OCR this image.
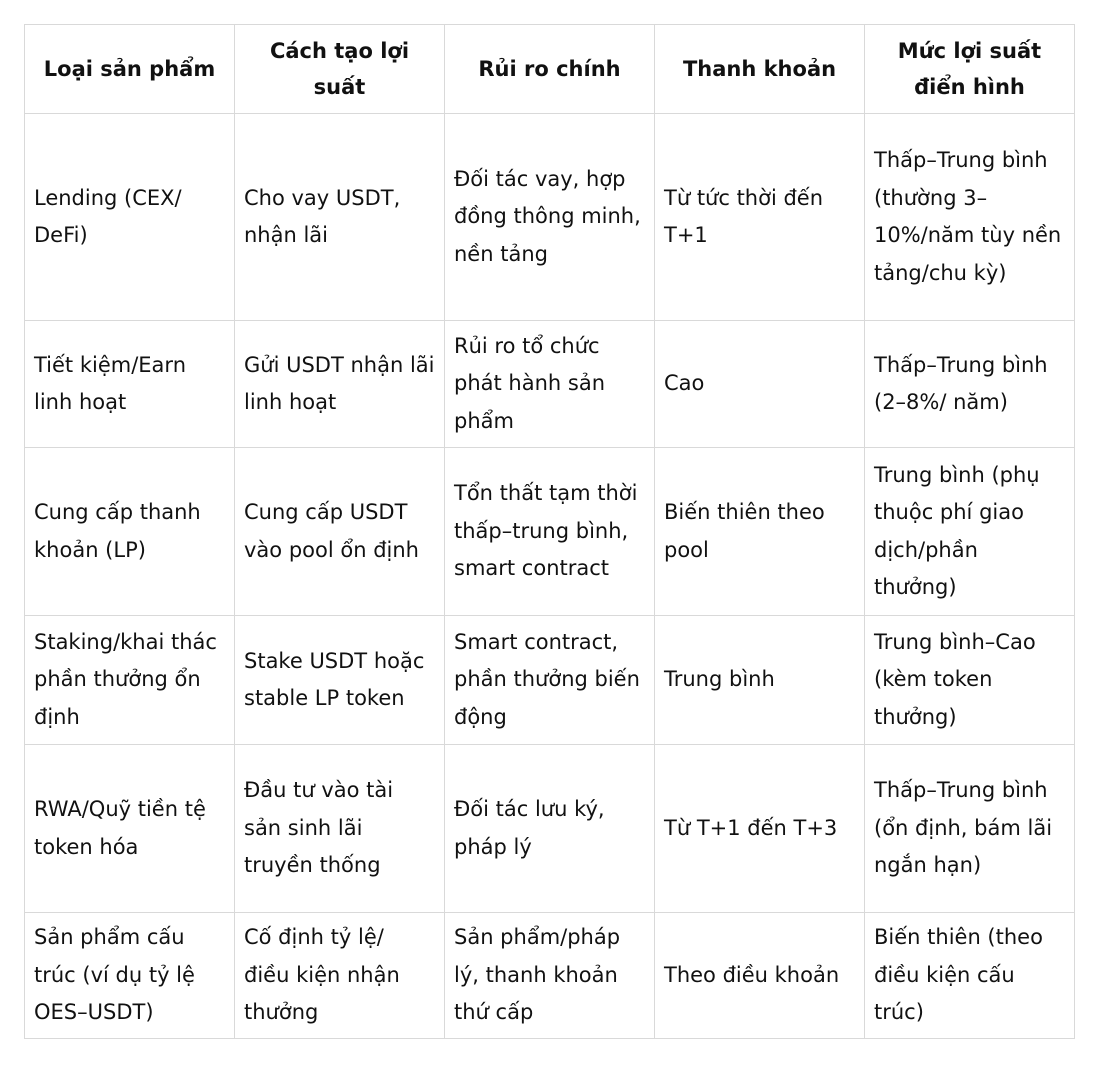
Loại sản phẩm	Cách tạo lợi suất	Rủi ro chính	Thanh khoản	Mức lợi suất điển hình
Lending (CEX/ DeFi)	Cho vay USDT, nhận lãi	Đối tác vay, hợp đồng thông minh, nền tảng	Từ tức thời đến T+1	Thấp–Trung bình (thường 3–10%/năm tùy nền tảng/chu kỳ)
Tiết kiệm/Earn linh hoạt	Gửi USDT nhận lãi linh hoạt	Rủi ro tổ chức phát hành sản phẩm	Cao	Thấp–Trung bình (2–8%/ năm)
Cung cấp thanh khoản (LP)	Cung cấp USDT vào pool ổn định	Tổn thất tạm thời thấp–trung bình, smart contract	Biến thiên theo pool	Trung bình (phụ thuộc phí giao dịch/phần thưởng)
Staking/khai thác phần thưởng ổn định	Stake USDT hoặc stable LP token	Smart contract, phần thưởng biến động	Trung bình	Trung bình–Cao (kèm token thưởng)
RWA/Quỹ tiền tệ token hóa	Đầu tư vào tài sản sinh lãi truyền thống	Đối tác lưu ký, pháp lý	Từ T+1 đến T+3	Thấp–Trung bình (ổn định, bám lãi ngắn hạn)
Sản phẩm cấu trúc (ví dụ tỷ lệ OES–USDT)	Cố định tỷ lệ/ điều kiện nhận thưởng	Sản phẩm/pháp lý, thanh khoản thứ cấp	Theo điều khoản	Biến thiên (theo điều kiện cấu trúc)
